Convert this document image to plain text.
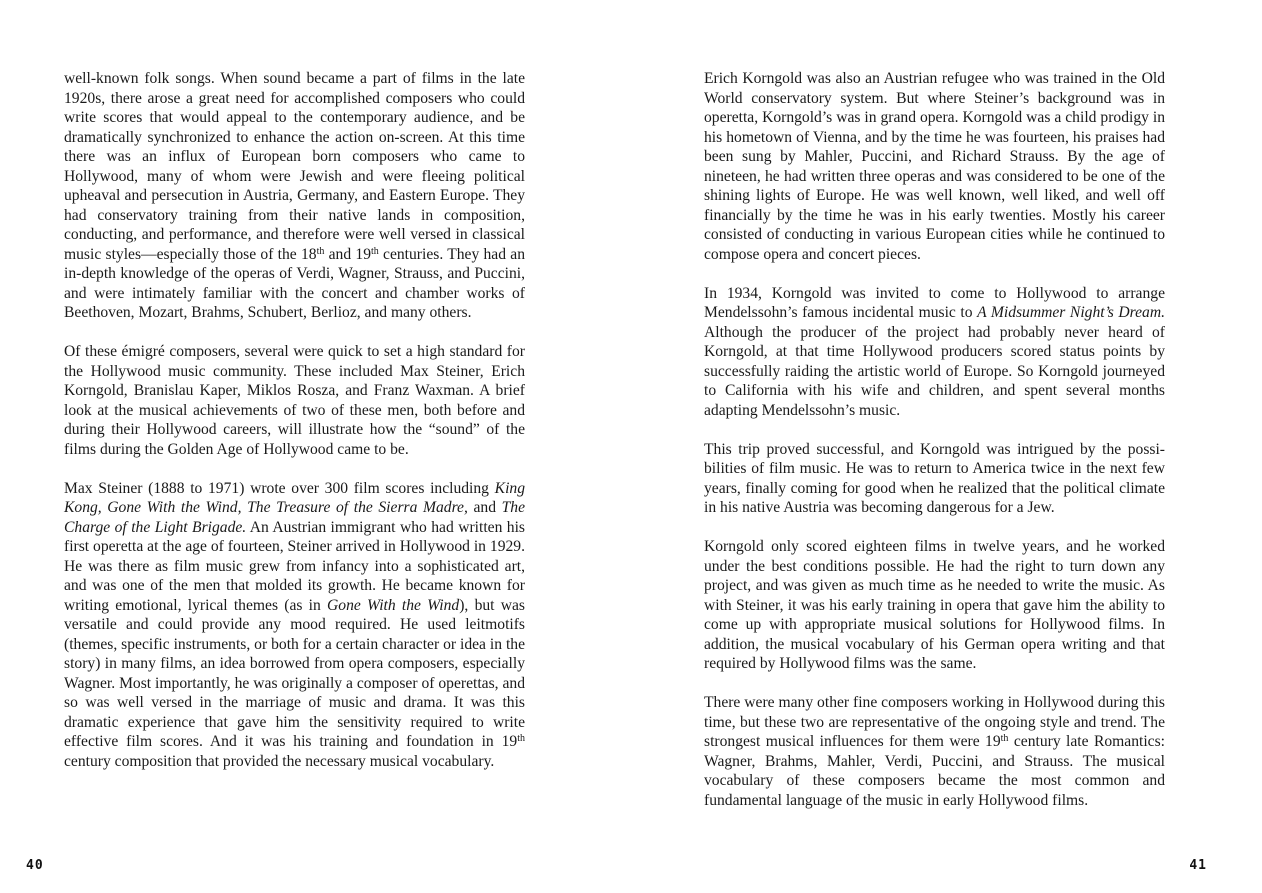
well-known folk songs. When sound became a part of films in the late 1920s, there arose a great need for accomplished composers who could write scores that would appeal to the contemporary audience, and be dramatically synchronized to enhance the action on-screen. At this time there was an influx of European born composers who came to Hollywood, many of whom were Jewish and were fleeing political upheaval and persecution in Austria, Germany, and Eastern Europe. They had conservatory training from their native lands in composition, conducting, and performance, and therefore were well versed in classical music styles—especially those of the 18th and 19th centuries. They had an in-depth knowledge of the operas of Verdi, Wagner, Strauss, and Puccini, and were intimately familiar with the concert and chamber works of Beethoven, Mozart, Brahms, Schubert, Berlioz, and many others.

Of these émigré composers, several were quick to set a high standard for the Hollywood music community. These included Max Steiner, Erich Korngold, Branislau Kaper, Miklos Rosza, and Franz Waxman. A brief look at the musical achievements of two of these men, both before and during their Hollywood careers, will illustrate how the “sound” of the films during the Golden Age of Hollywood came to be.

Max Steiner (1888 to 1971) wrote over 300 film scores including King Kong, Gone With the Wind, The Treasure of the Sierra Madre, and The Charge of the Light Brigade. An Austrian immigrant who had written his first operetta at the age of fourteen, Steiner arrived in Hollywood in 1929. He was there as film music grew from infancy into a sophisticated art, and was one of the men that molded its growth. He became known for writing emotional, lyrical themes (as in Gone With the Wind), but was versatile and could provide any mood required. He used leitmotifs (themes, specific instruments, or both for a certain character or idea in the story) in many films, an idea borrowed from opera composers, especially Wagner. Most importantly, he was originally a composer of operettas, and so was well versed in the marriage of music and drama. It was this dramatic experience that gave him the sensitivity required to write effective film scores. And it was his training and foundation in 19th century composition that provided the necessary musical vocabulary.

40

Erich Korngold was also an Austrian refugee who was trained in the Old World conservatory system. But where Steiner’s background was in operetta, Korngold’s was in grand opera. Korngold was a child prodigy in his hometown of Vienna, and by the time he was fourteen, his praises had been sung by Mahler, Puccini, and Richard Strauss. By the age of nineteen, he had written three operas and was considered to be one of the shining lights of Europe. He was well known, well liked, and well off financially by the time he was in his early twenties. Mostly his career consisted of conducting in various European cities while he continued to compose opera and concert pieces.

In 1934, Korngold was invited to come to Hollywood to arrange Mendelssohn’s famous incidental music to A Midsummer Night’s Dream. Although the producer of the project had probably never heard of Korngold, at that time Hollywood producers scored status points by successfully raiding the artistic world of Europe. So Korngold journeyed to California with his wife and children, and spent several months adapting Mendelssohn’s music.

This trip proved successful, and Korngold was intrigued by the possibilities of film music. He was to return to America twice in the next few years, finally coming for good when he realized that the political climate in his native Austria was becoming dangerous for a Jew.

Korngold only scored eighteen films in twelve years, and he worked under the best conditions possible. He had the right to turn down any project, and was given as much time as he needed to write the music. As with Steiner, it was his early training in opera that gave him the ability to come up with appropriate musical solutions for Hollywood films. In addition, the musical vocabulary of his German opera writing and that required by Hollywood films was the same.

There were many other fine composers working in Hollywood during this time, but these two are representative of the ongoing style and trend. The strongest musical influences for them were 19th century late Romantics: Wagner, Brahms, Mahler, Verdi, Puccini, and Strauss. The musical vocabulary of these composers became the most common and fundamental language of the music in early Hollywood films.

41
